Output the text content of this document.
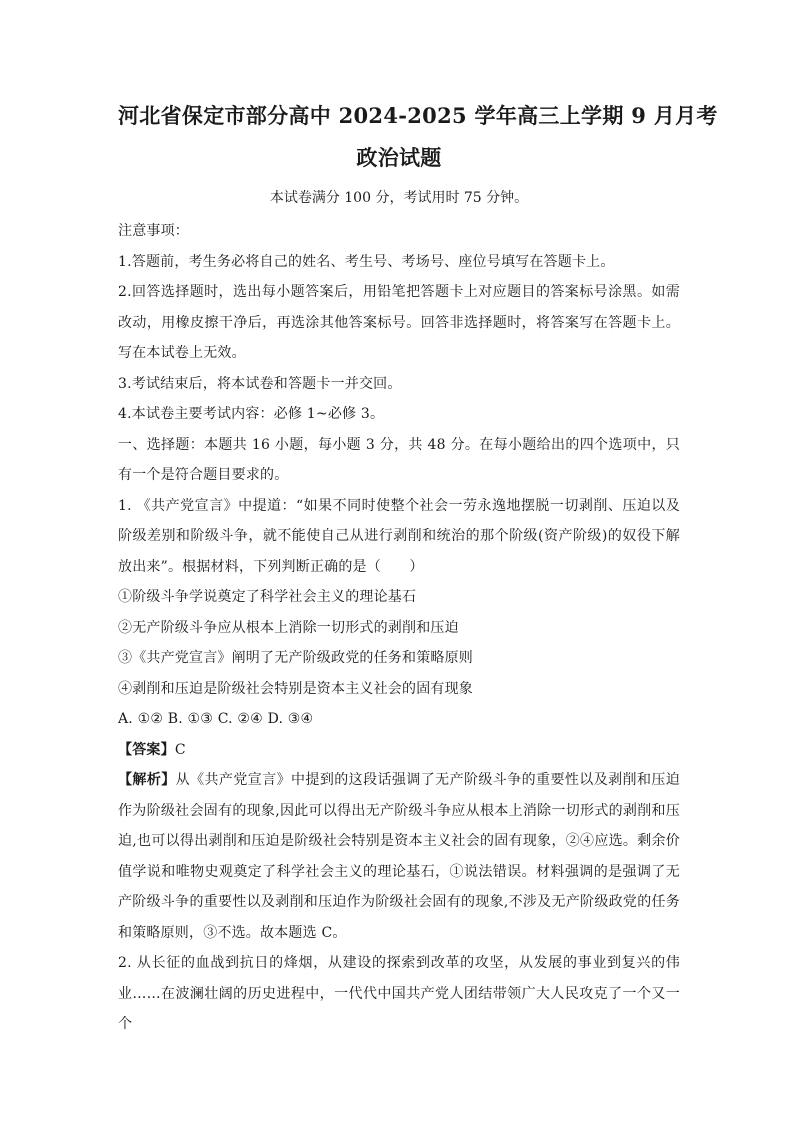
河北省保定市部分高中 2024-2025 学年高三上学期 9 月月考
政治试题
本试卷满分 100 分，考试用时 75 分钟。

注意事项：

1.答题前，考生务必将自己的姓名、考生号、考场号、座位号填写在答题卡上。

2.回答选择题时，选出每小题答案后，用铅笔把答题卡上对应题目的答案标号涂黑。如需改动，用橡皮擦干净后，再选涂其他答案标号。回答非选择题时，将答案写在答题卡上。写在本试卷上无效。

3.考试结束后，将本试卷和答题卡一并交回。

4.本试卷主要考试内容：必修 1~必修 3。

一、选择题：本题共 16 小题，每小题 3 分，共 48 分。在每小题给出的四个选项中，只有一个是符合题目要求的。

1. 《共产党宣言》中提道：“如果不同时使整个社会一劳永逸地摆脱一切剥削、压迫以及阶级差别和阶级斗争，就不能使自己从进行剥削和统治的那个阶级(资产阶级)的奴役下解放出来”。根据材料，下列判断正确的是（　　）

①阶级斗争学说奠定了科学社会主义的理论基石

②无产阶级斗争应从根本上消除一切形式的剥削和压迫

③《共产党宣言》阐明了无产阶级政党的任务和策略原则

④剥削和压迫是阶级社会特别是资本主义社会的固有现象

A. ①② B. ①③ C. ②④ D. ③④

【答案】C

【解析】从《共产党宣言》中提到的这段话强调了无产阶级斗争的重要性以及剥削和压迫作为阶级社会固有的现象,因此可以得出无产阶级斗争应从根本上消除一切形式的剥削和压迫,也可以得出剥削和压迫是阶级社会特别是资本主义社会的固有现象，②④应选。剩余价值学说和唯物史观奠定了科学社会主义的理论基石，①说法错误。材料强调的是强调了无产阶级斗争的重要性以及剥削和压迫作为阶级社会固有的现象,不涉及无产阶级政党的任务和策略原则，③不选。故本题选 C。

2. 从长征的血战到抗日的烽烟，从建设的探索到改革的攻坚，从发展的事业到复兴的伟业……在波澜壮阔的历史进程中，一代代中国共产党人团结带领广大人民攻克了一个又一个
